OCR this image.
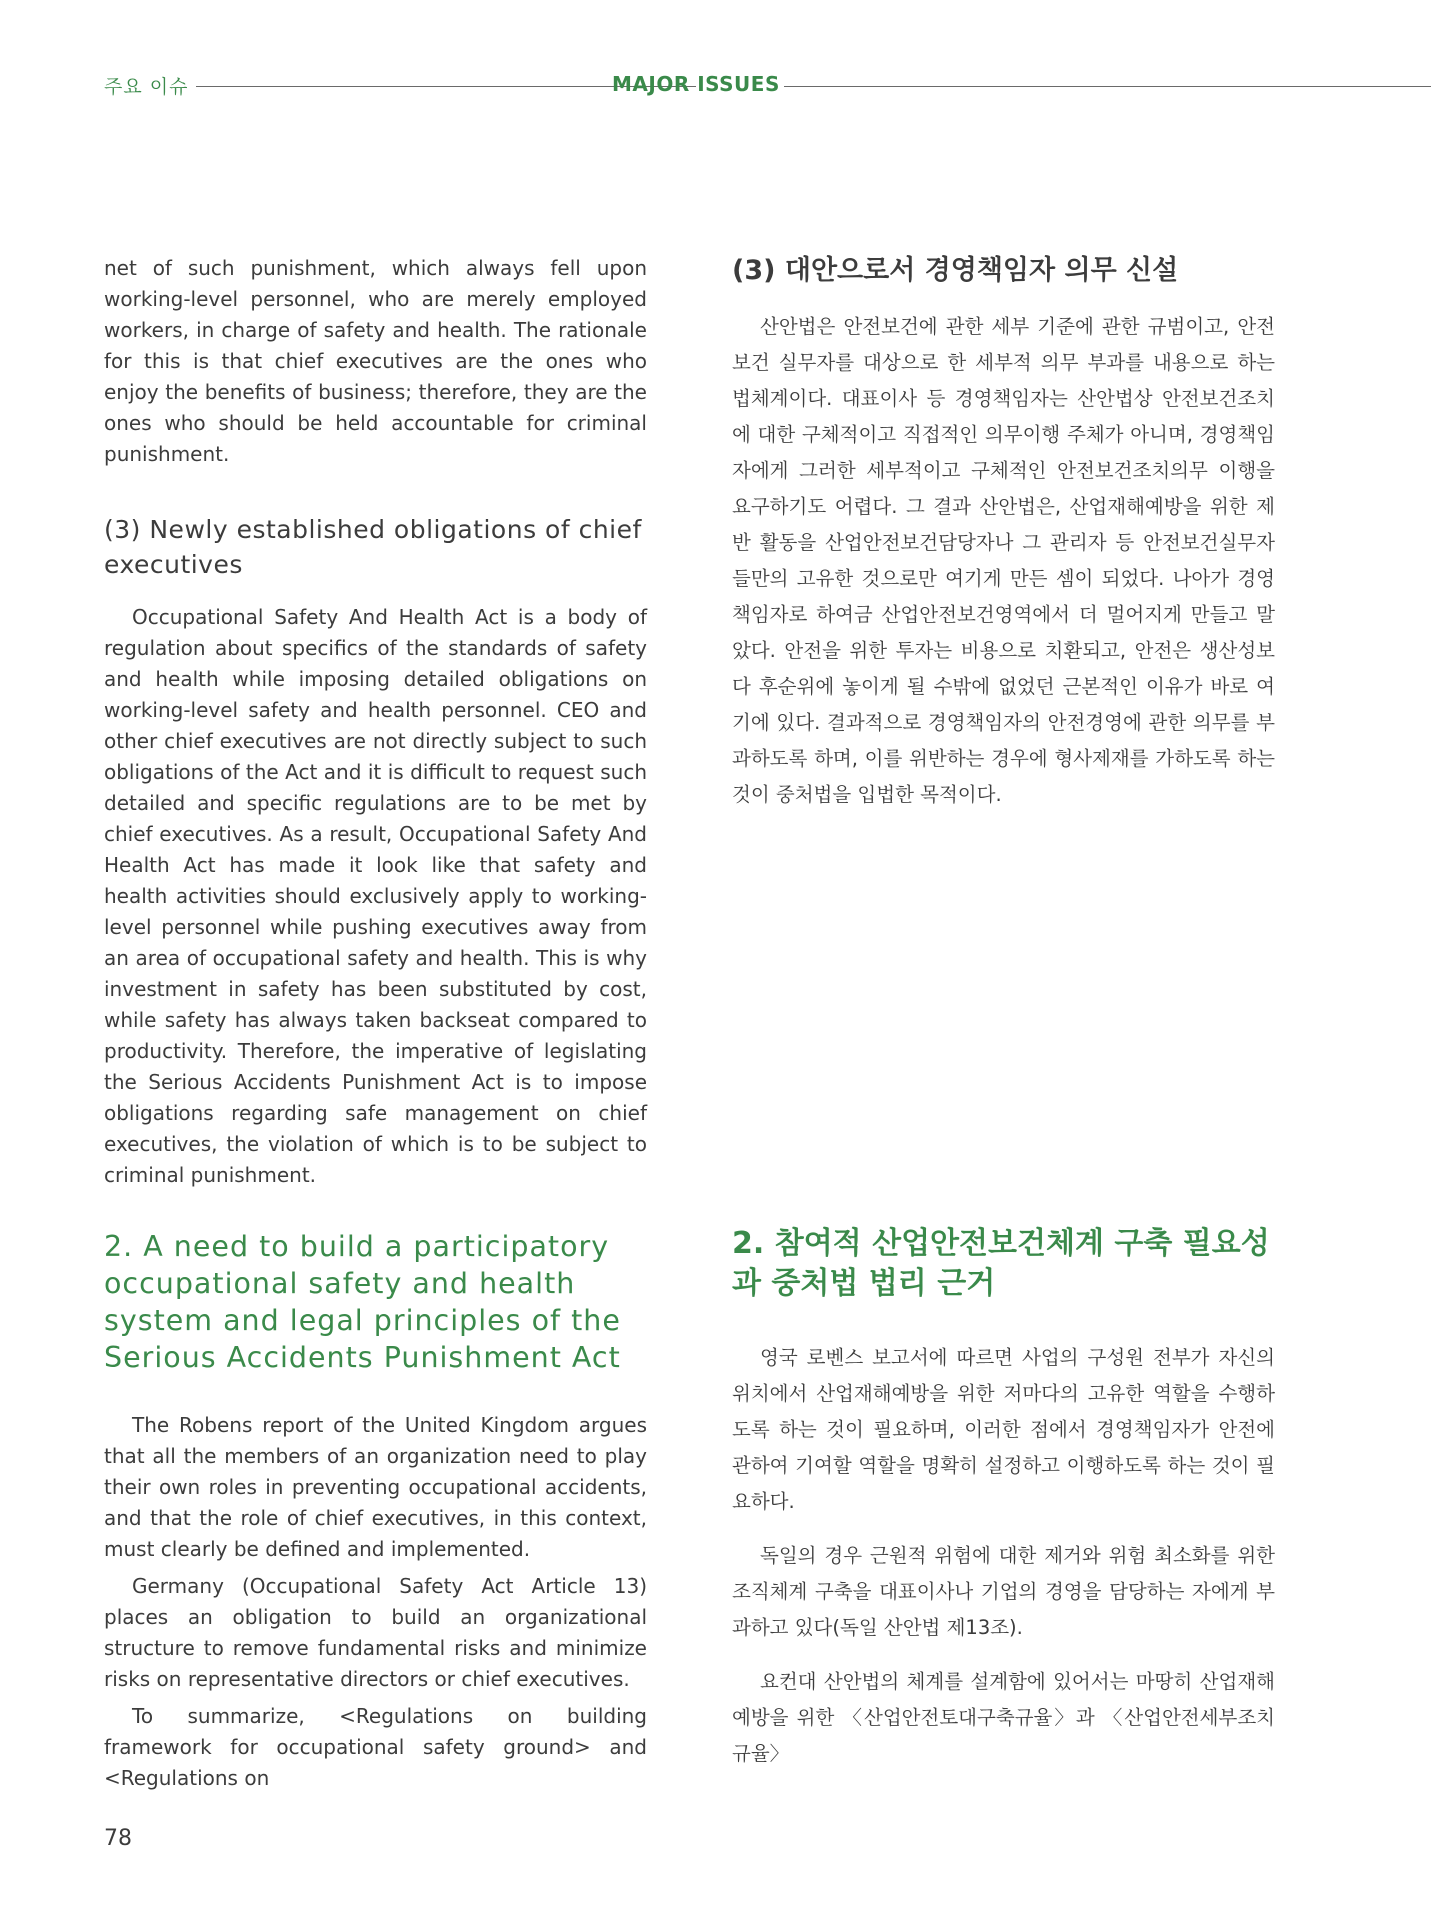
주요 이슈	MAJOR ISSUES

net of such punishment, which always fell upon working-level personnel, who are merely employed workers, in charge of safety and health. The rationale for this is that chief executives are the ones who enjoy the benefits of business; therefore, they are the ones who should be held accountable for criminal punishment.

(3) Newly established obligations of chief executives

Occupational Safety And Health Act is a body of regulation about specifics of the standards of safety and health while imposing detailed obligations on working-level safety and health personnel. CEO and other chief executives are not directly subject to such obligations of the Act and it is difficult to request such detailed and specific regulations are to be met by chief executives. As a result, Occupational Safety And Health Act has made it look like that safety and health activities should exclusively apply to working-level personnel while pushing executives away from an area of occupational safety and health. This is why investment in safety has been substituted by cost, while safety has always taken backseat compared to productivity. Therefore, the imperative of legislating the Serious Accidents Punishment Act is to impose obligations regarding safe management on chief executives, the violation of which is to be subject to criminal punishment.

2. A need to build a participatory occupational safety and health system and legal principles of the Serious Accidents Punishment Act

The Robens report of the United Kingdom argues that all the members of an organization need to play their own roles in preventing occupational accidents, and that the role of chief executives, in this context, must clearly be defined and implemented.

Germany (Occupational Safety Act Article 13) places an obligation to build an organizational structure to remove fundamental risks and minimize risks on representative directors or chief executives.

To summarize, <Regulations on building framework for occupational safety ground> and <Regulations on

(3) 대안으로서 경영책임자 의무 신설

산안법은 안전보건에 관한 세부 기준에 관한 규범이고, 안전보건 실무자를 대상으로 한 세부적 의무 부과를 내용으로 하는 법체계이다. 대표이사 등 경영책임자는 산안법상 안전보건조치에 대한 구체적이고 직접적인 의무이행 주체가 아니며, 경영책임자에게 그러한 세부적이고 구체적인 안전보건조치의무 이행을 요구하기도 어렵다. 그 결과 산안법은, 산업재해예방을 위한 제반 활동을 산업안전보건담당자나 그 관리자 등 안전보건실무자들만의 고유한 것으로만 여기게 만든 셈이 되었다. 나아가 경영책임자로 하여금 산업안전보건영역에서 더 멀어지게 만들고 말았다. 안전을 위한 투자는 비용으로 치환되고, 안전은 생산성보다 후순위에 놓이게 될 수밖에 없었던 근본적인 이유가 바로 여기에 있다. 결과적으로 경영책임자의 안전경영에 관한 의무를 부과하도록 하며, 이를 위반하는 경우에 형사제재를 가하도록 하는 것이 중처법을 입법한 목적이다.

2. 참여적 산업안전보건체계 구축 필요성과 중처법 법리 근거

영국 로벤스 보고서에 따르면 사업의 구성원 전부가 자신의 위치에서 산업재해예방을 위한 저마다의 고유한 역할을 수행하도록 하는 것이 필요하며, 이러한 점에서 경영책임자가 안전에 관하여 기여할 역할을 명확히 설정하고 이행하도록 하는 것이 필요하다.

독일의 경우 근원적 위험에 대한 제거와 위험 최소화를 위한 조직체계 구축을 대표이사나 기업의 경영을 담당하는 자에게 부과하고 있다(독일 산안법 제13조).

요컨대 산안법의 체계를 설계함에 있어서는 마땅히 산업재해예방을 위한 〈산업안전토대구축규율〉과 〈산업안전세부조치규율〉

78
